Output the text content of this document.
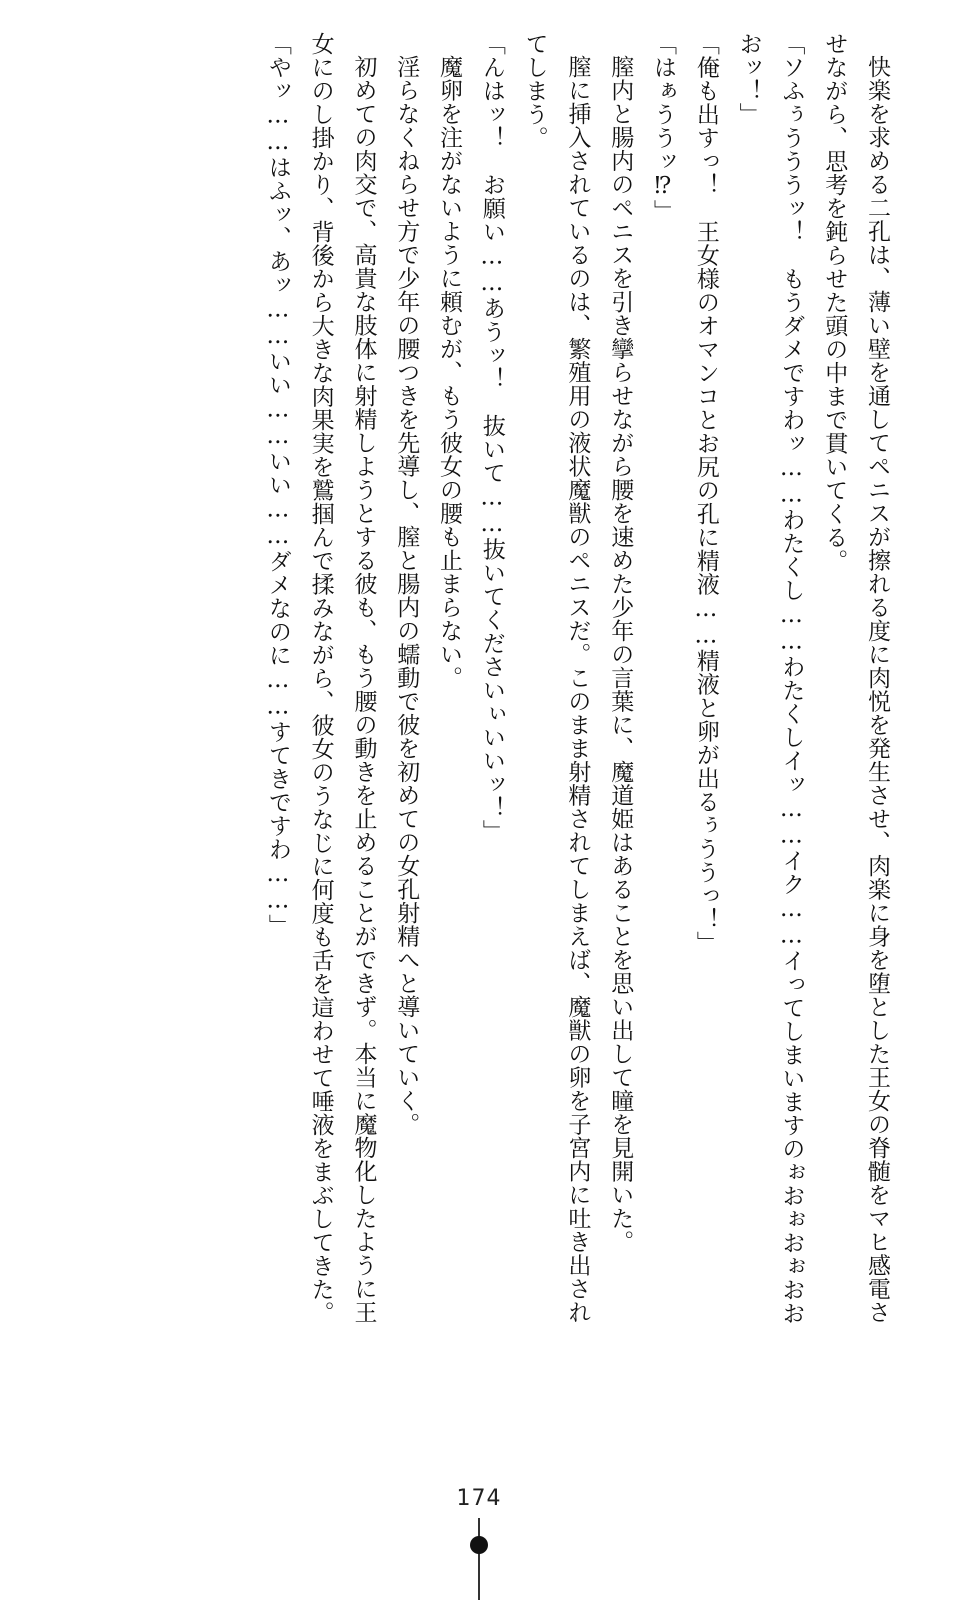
快楽を求める二孔は、薄い壁を通してペニスが擦れる度に肉悦を発生させ、肉楽に身を堕とした王女の脊髄をマヒ感電させながら、思考を鈍らせた頭の中まで貫いてくる。

「ソふぅうううッ！　もうダメですわッ……わたくし……わたくしイッ……イク……イってしまいますのぉおぉおぉおおおッ！」

「俺も出すっ！　王女様のオマンコとお尻の孔に精液……精液と卵が出るぅううっ！」

「はぁううッ⁉」

膣内と腸内のペニスを引き攣らせながら腰を速めた少年の言葉に、魔道姫はあることを思い出して瞳を見開いた。

膣に挿入されているのは、繁殖用の液状魔獣のペニスだ。このまま射精されてしまえば、魔獣の卵を子宮内に吐き出されてしまう。

「んはッ！　お願い……あうッ！　抜いて……抜いてくださいぃいいッ！」

魔卵を注がないように頼むが、もう彼女の腰も止まらない。

淫らなくねらせ方で少年の腰つきを先導し、膣と腸内の蠕動で彼を初めての女孔射精へと導いていく。

初めての肉交で、高貴な肢体に射精しようとする彼も、もう腰の動きを止めることができず。本当に魔物化したように王女にのし掛かり、背後から大きな肉果実を鷲掴んで揉みながら、彼女のうなじに何度も舌を這わせて唾液をまぶしてきた。

「やッ……はふッ、あッ……いい……いい……ダメなのに……すてきですわ……」

174
